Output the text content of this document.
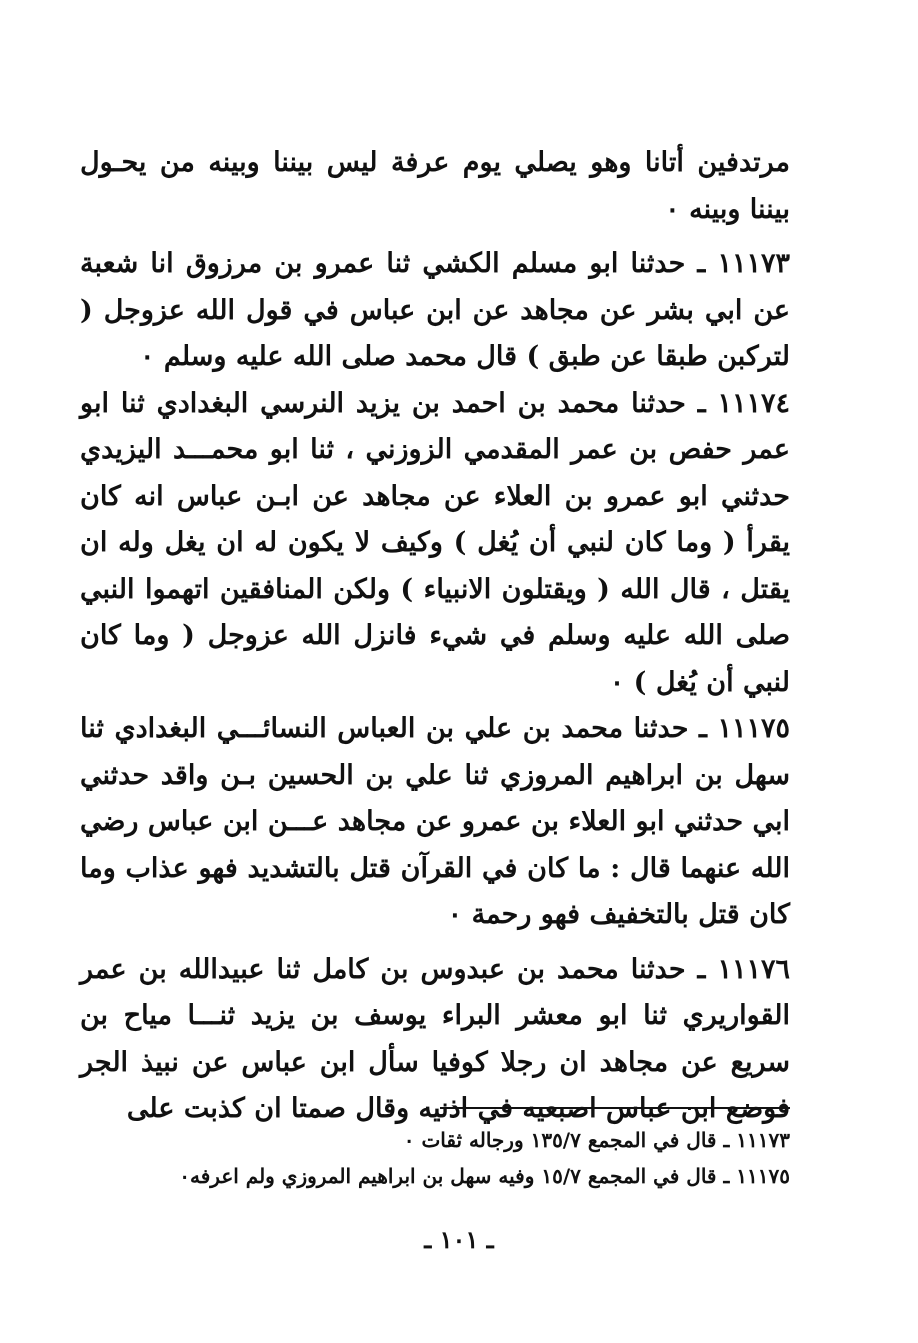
مرتدفين أتانا وهو يصلي يوم عرفة ليس بيننا وبينه من يحـول بيننا وبينه ٠

١١١٧٣ ـ حدثنا ابو مسلم الكشي ثنا عمرو بن مرزوق انا شعبة عن ابي بشر عن مجاهد عن ابن عباس في قول الله عزوجل ( لتركبن طبقا عن طبق ) قال محمد صلى الله عليه وسلم ٠

١١١٧٤ ـ حدثنا محمد بن احمد بن يزيد النرسي البغدادي ثنا ابو عمر حفص بن عمر المقدمي الزوزني ، ثنا ابو محمـــد اليزيدي حدثني ابو عمرو بن العلاء عن مجاهد عن ابـن عباس انه كان يقرأ ( وما كان لنبي أن يُغل ) وكيف لا يكون له ان يغل وله ان يقتل ، قال الله ( ويقتلون الانبياء ) ولكن المنافقين اتهموا النبي صلى الله عليه وسلم في شيء فانزل الله عزوجل ( وما كان لنبي أن يُغل ) ٠

١١١٧٥ ـ حدثنا محمد بن علي بن العباس النسائـــي البغدادي ثنا سهل بن ابراهيم المروزي ثنا علي بن الحسين بـن واقد حدثني ابي حدثني ابو العلاء بن عمرو عن مجاهد عـــن ابن عباس رضي الله عنهما قال : ما كان في القرآن قتل بالتشديد فهو عذاب وما كان قتل بالتخفيف فهو رحمة ٠

١١١٧٦ ـ حدثنا محمد بن عبدوس بن كامل ثنا عبيدالله بن عمر القواريري ثنا ابو معشر البراء يوسف بن يزيد ثنـــا مياح بن سريع عن مجاهد ان رجلا كوفيا سأل ابن عباس عن نبيذ الجر فوضع ابن عباس اصبعيه في اذنيه وقال صمتا ان كذبت على

١١١٧٣ ـ قال في المجمع ١٣٥/٧ ورجاله ثقات ٠

١١١٧٥ ـ قال في المجمع ١٥/٧ وفيه سهل بن ابراهيم المروزي ولم اعرفه٠

ـ ١٠١ ـ
